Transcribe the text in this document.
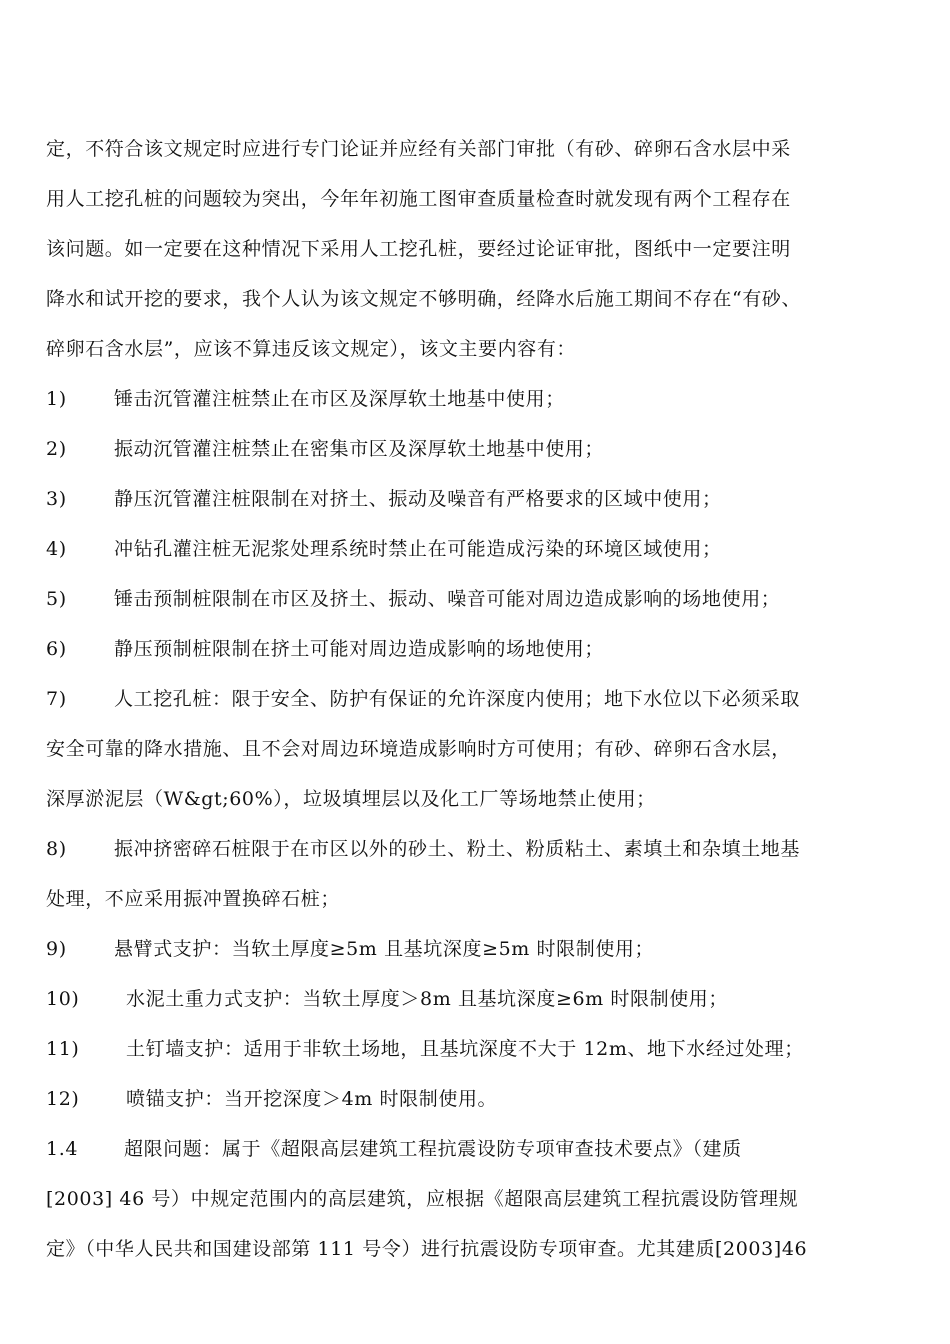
定，不符合该文规定时应进行专门论证并应经有关部门审批（有砂、碎卵石含水层中采
用人工挖孔桩的问题较为突出，今年年初施工图审查质量检查时就发现有两个工程存在
该问题。如一定要在这种情况下采用人工挖孔桩，要经过论证审批，图纸中一定要注明
降水和试开挖的要求，我个人认为该文规定不够明确，经降水后施工期间不存在“有砂、
碎卵石含水层”，应该不算违反该文规定），该文主要内容有：
1) 锤击沉管灌注桩禁止在市区及深厚软土地基中使用；
2) 振动沉管灌注桩禁止在密集市区及深厚软土地基中使用；
3) 静压沉管灌注桩限制在对挤土、振动及噪音有严格要求的区域中使用；
4) 冲钻孔灌注桩无泥浆处理系统时禁止在可能造成污染的环境区域使用；
5) 锤击预制桩限制在市区及挤土、振动、噪音可能对周边造成影响的场地使用；
6) 静压预制桩限制在挤土可能对周边造成影响的场地使用；
7) 人工挖孔桩：限于安全、防护有保证的允许深度内使用；地下水位以下必须采取
安全可靠的降水措施、且不会对周边环境造成影响时方可使用；有砂、碎卵石含水层，
深厚淤泥层（W&gt;60%），垃圾填埋层以及化工厂等场地禁止使用；
8) 振冲挤密碎石桩限于在市区以外的砂土、粉土、粉质粘土、素填土和杂填土地基
处理，不应采用振冲置换碎石桩；
9) 悬臂式支护：当软土厚度≥5m 且基坑深度≥5m 时限制使用；
10) 水泥土重力式支护：当软土厚度＞8m 且基坑深度≥6m 时限制使用；
11) 土钉墙支护：适用于非软土场地，且基坑深度不大于 12m、地下水经过处理；
12) 喷锚支护：当开挖深度＞4m 时限制使用。
1.4 超限问题：属于《超限高层建筑工程抗震设防专项审查技术要点》（建质
[2003] 46 号）中规定范围内的高层建筑，应根据《超限高层建筑工程抗震设防管理规
定》（中华人民共和国建设部第 111 号令）进行抗震设防专项审查。尤其建质[2003]46
